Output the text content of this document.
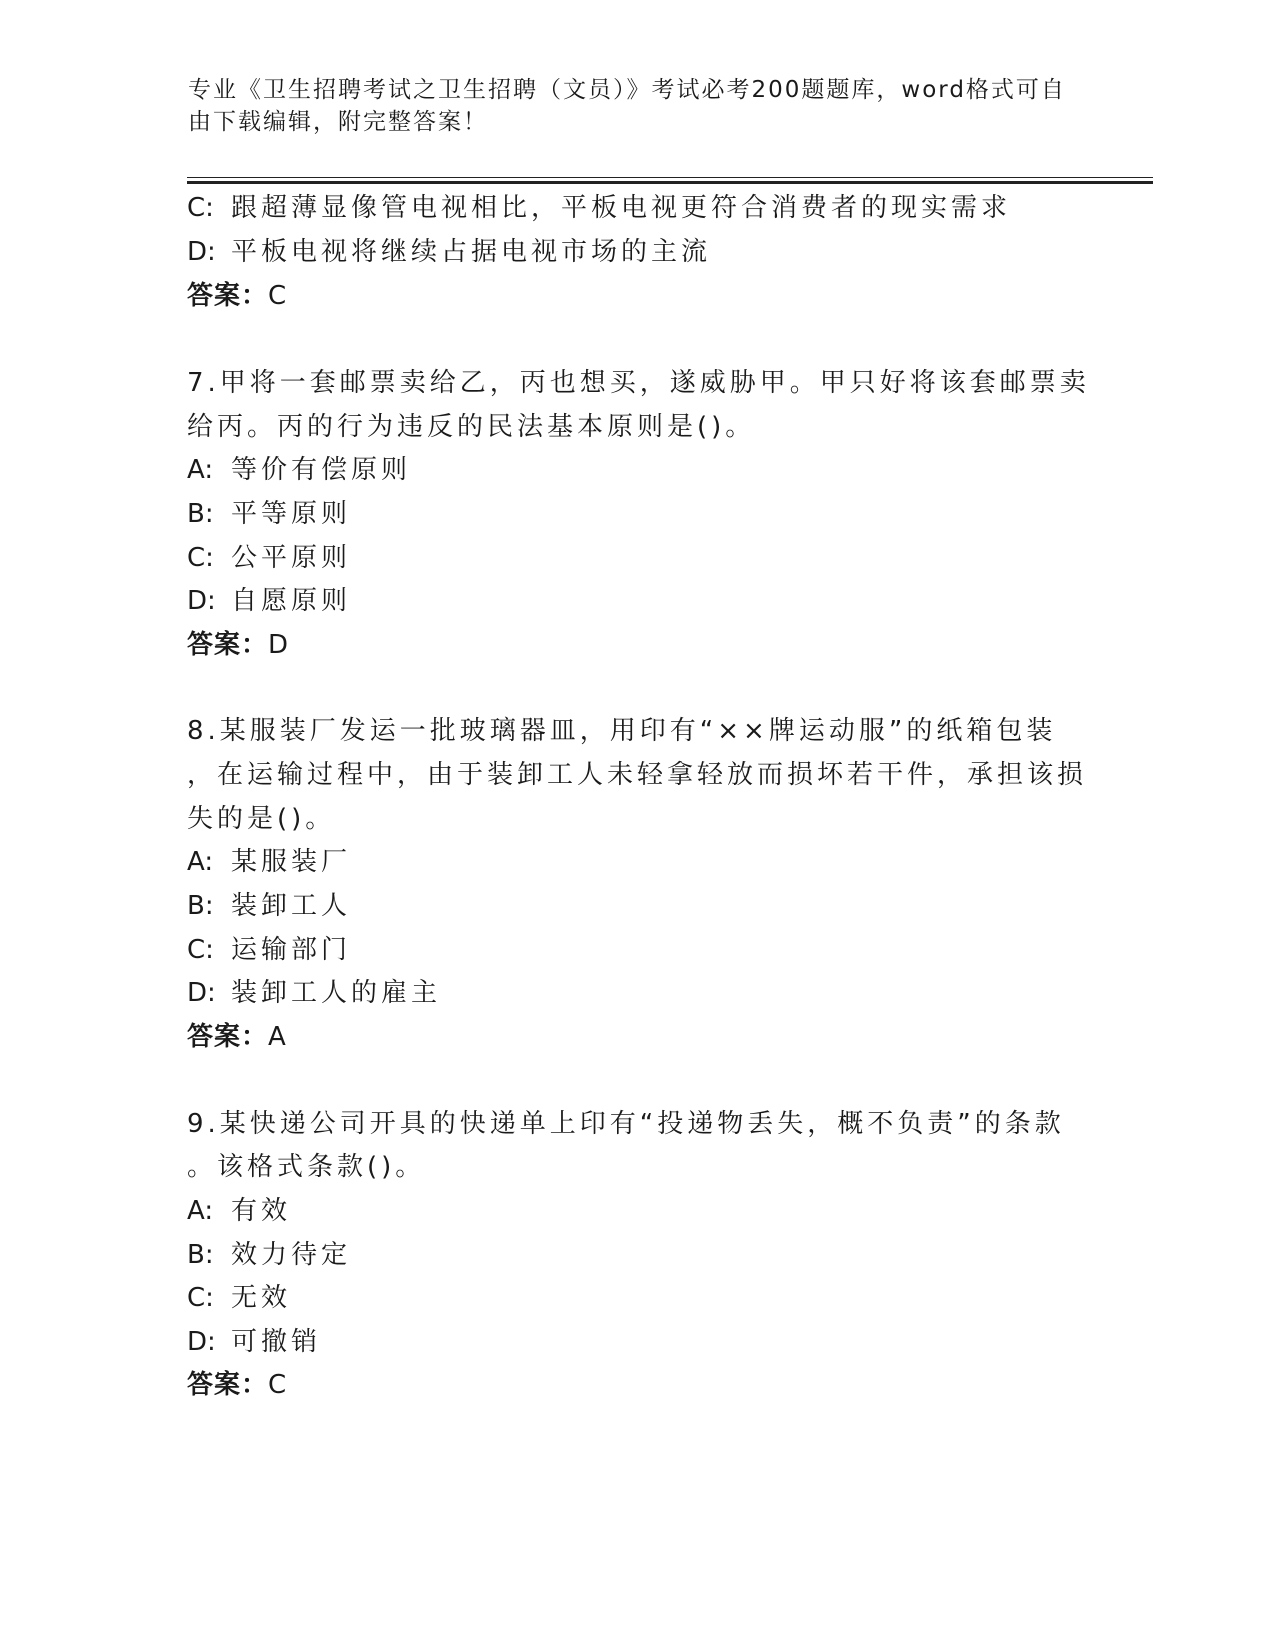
专业《卫生招聘考试之卫生招聘（文员）》考试必考200题题库，word格式可自
由下载编辑，附完整答案！
C: 跟超薄显像管电视相比，平板电视更符合消费者的现实需求
D: 平板电视将继续占据电视市场的主流
答案：C
7.甲将一套邮票卖给乙，丙也想买，遂威胁甲。甲只好将该套邮票卖
给丙。丙的行为违反的民法基本原则是()。
A: 等价有偿原则
B: 平等原则
C: 公平原则
D: 自愿原则
答案：D
8.某服装厂发运一批玻璃器皿，用印有“××牌运动服”的纸箱包装
，在运输过程中，由于装卸工人未轻拿轻放而损坏若干件，承担该损
失的是()。
A: 某服装厂
B: 装卸工人
C: 运输部门
D: 装卸工人的雇主
答案：A
9.某快递公司开具的快递单上印有“投递物丢失，概不负责”的条款
。该格式条款()。
A: 有效
B: 效力待定
C: 无效
D: 可撤销
答案：C
